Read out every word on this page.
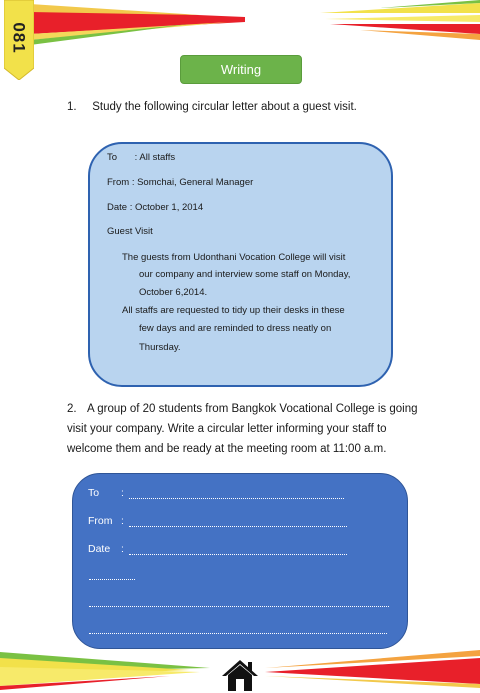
081
Writing
1. Study the following circular letter about a guest visit.
To : All staffs
From : Somchai, General Manager
Date : October 1, 2014
Guest Visit
The guests from Udonthani Vocation College will visit
our company and interview some staff on Monday,
October 6,2014.
All staffs are requested to tidy up their desks in these
few days and are reminded to dress neatly on
Thursday.
2. A group of 20 students from Bangkok Vocational College is going
visit your company. Write a circular letter informing your staff to
welcome them and be ready at the meeting room at 11:00 a.m.
To :
From :
Date :
